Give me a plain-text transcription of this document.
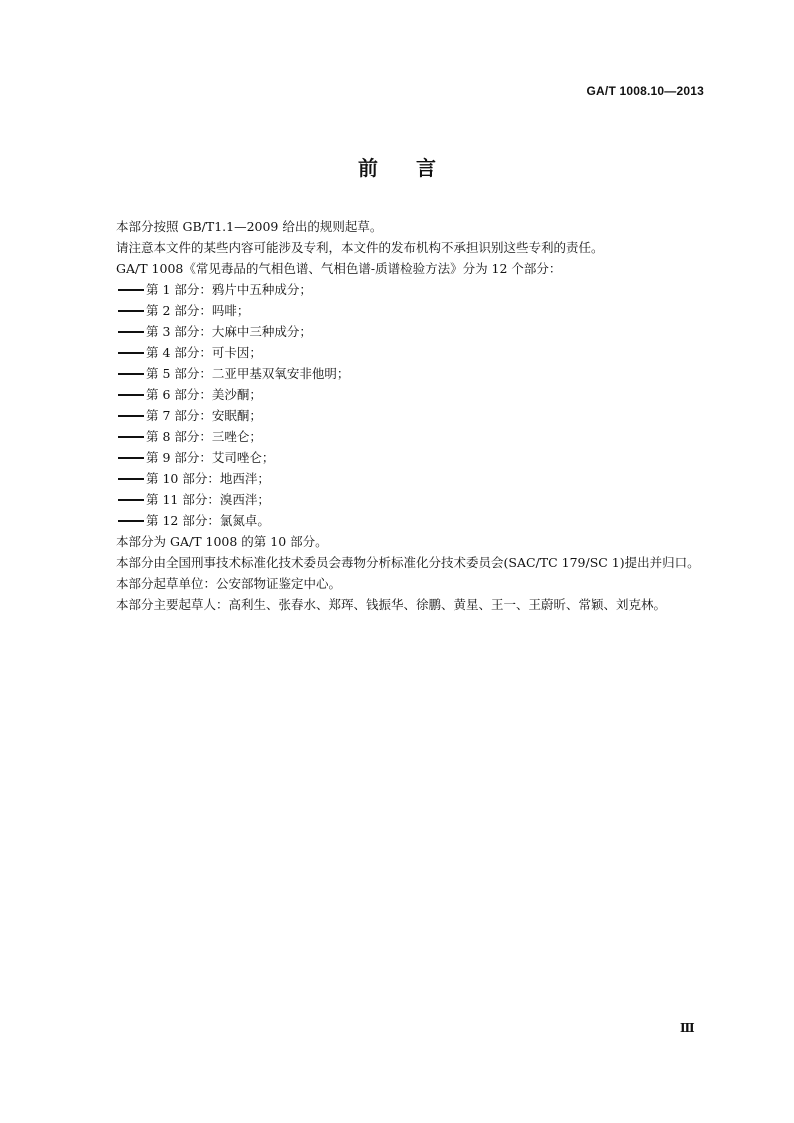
GA/T 1008.10—2013
前言

本部分按照 GB/T1.1—2009 给出的规则起草。

请注意本文件的某些内容可能涉及专利，本文件的发布机构不承担识别这些专利的责任。

GA/T 1008《常见毒品的气相色谱、气相色谱-质谱检验方法》分为 12 个部分：

第 1 部分：鸦片中五种成分；
第 2 部分：吗啡；
第 3 部分：大麻中三种成分；
第 4 部分：可卡因；
第 5 部分：二亚甲基双氧安非他明；
第 6 部分：美沙酮；
第 7 部分：安眠酮；
第 8 部分：三唑仑；
第 9 部分：艾司唑仑；
第 10 部分：地西泮；
第 11 部分：溴西泮；
第 12 部分：氯氮卓。

本部分为 GA/T 1008 的第 10 部分。

本部分由全国刑事技术标准化技术委员会毒物分析标准化分技术委员会(SAC/TC 179/SC 1)提出并归口。

本部分起草单位：公安部物证鉴定中心。

本部分主要起草人：高利生、张春水、郑珲、钱振华、徐鹏、黄星、王一、王蔚昕、常颖、刘克林。

Ⅲ
